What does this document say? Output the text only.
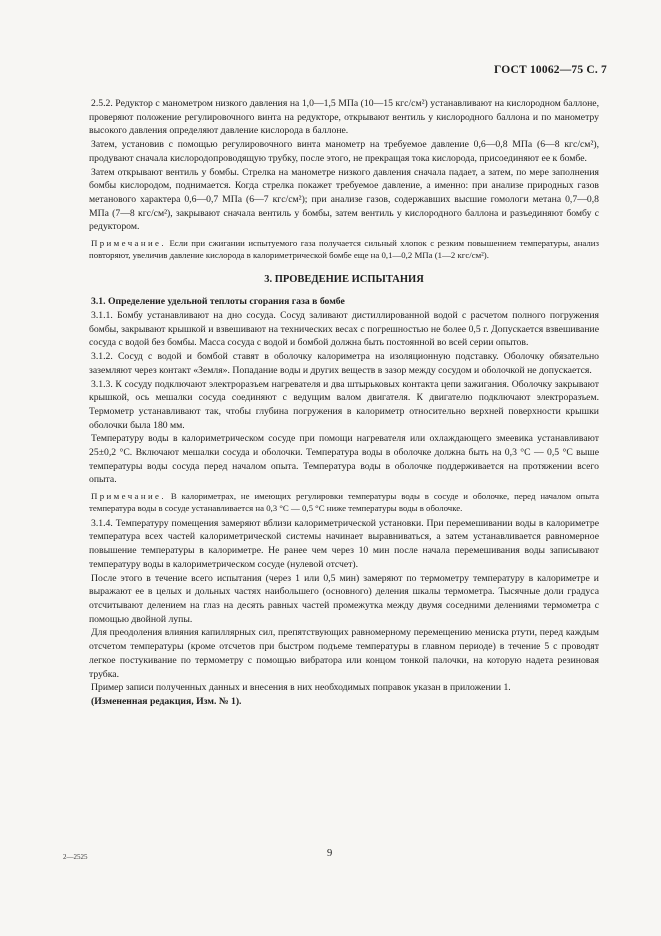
ГОСТ 10062—75 С. 7

2.5.2. Редуктор с манометром низкого давления на 1,0—1,5 МПа (10—15 кгс/см²) устанавливают на кислородном баллоне, проверяют положение регулировочного винта на редукторе, открывают вентиль у кислородного баллона и по манометру высокого давления определяют давление кислорода в баллоне.

Затем, установив с помощью регулировочного винта манометр на требуемое давление 0,6—0,8 МПа (6—8 кгс/см²), продувают сначала кислородопроводящую трубку, после этого, не прекращая тока кислорода, присоединяют ее к бомбе.

Затем открывают вентиль у бомбы. Стрелка на манометре низкого давления сначала падает, а затем, по мере заполнения бомбы кислородом, поднимается. Когда стрелка покажет требуемое давление, а именно: при анализе природных газов метанового характера 0,6—0,7 МПа (6—7 кгс/см²); при анализе газов, содержавших высшие гомологи метана 0,7—0,8 МПа (7—8 кгс/см²), закрывают сначала вентиль у бомбы, затем вентиль у кислородного баллона и разъединяют бомбу с редуктором.

Примечание. Если при сжигании испытуемого газа получается сильный хлопок с резким повышением температуры, анализ повторяют, увеличив давление кислорода в калориметрической бомбе еще на 0,1—0,2 МПа (1—2 кгс/см²).

3. ПРОВЕДЕНИЕ ИСПЫТАНИЯ

3.1. Определение удельной теплоты сгорания газа в бомбе

3.1.1. Бомбу устанавливают на дно сосуда. Сосуд заливают дистиллированной водой с расчетом полного погружения бомбы, закрывают крышкой и взвешивают на технических весах с погрешностью не более 0,5 г. Допускается взвешивание сосуда с водой без бомбы. Масса сосуда с водой и бомбой должна быть постоянной во всей серии опытов.

3.1.2. Сосуд с водой и бомбой ставят в оболочку калориметра на изоляционную подставку. Оболочку обязательно заземляют через контакт «Земля». Попадание воды и других веществ в зазор между сосудом и оболочкой не допускается.

3.1.3. К сосуду подключают электроразъем нагревателя и два штырьковых контакта цепи зажигания. Оболочку закрывают крышкой, ось мешалки сосуда соединяют с ведущим валом двигателя. К двигателю подключают электроразъем. Термометр устанавливают так, чтобы глубина погружения в калориметр относительно верхней поверхности крышки оболочки была 180 мм.

Температуру воды в калориметрическом сосуде при помощи нагревателя или охлаждающего змеевика устанавливают 25±0,2 °С. Включают мешалки сосуда и оболочки. Температура воды в оболочке должна быть на 0,3 °С — 0,5 °С выше температуры воды сосуда перед началом опыта. Температура воды в оболочке поддерживается на протяжении всего опыта.

Примечание. В калориметрах, не имеющих регулировки температуры воды в сосуде и оболочке, перед началом опыта температура воды в сосуде устанавливается на 0,3 °С — 0,5 °С ниже температуры воды в оболочке.

3.1.4. Температуру помещения замеряют вблизи калориметрической установки. При перемешивании воды в калориметре температура всех частей калориметрической системы начинает выравниваться, а затем устанавливается равномерное повышение температуры в калориметре. Не ранее чем через 10 мин после начала перемешивания воды записывают температуру воды в калориметрическом сосуде (нулевой отсчет).

После этого в течение всего испытания (через 1 или 0,5 мин) замеряют по термометру температуру в калориметре и выражают ее в целых и дольных частях наибольшего (основного) деления шкалы термометра. Тысячные доли градуса отсчитывают делением на глаз на десять равных частей промежутка между двумя соседними делениями термометра с помощью двойной лупы.

Для преодоления влияния капиллярных сил, препятствующих равномерному перемещению мениска ртути, перед каждым отсчетом температуры (кроме отсчетов при быстром подъеме температуры в главном периоде) в течение 5 с проводят легкое постукивание по термометру с помощью вибратора или концом тонкой палочки, на которую надета резиновая трубка.

Пример записи полученных данных и внесения в них необходимых поправок указан в приложении 1.

(Измененная редакция, Изм. № 1).

2—2525	9
